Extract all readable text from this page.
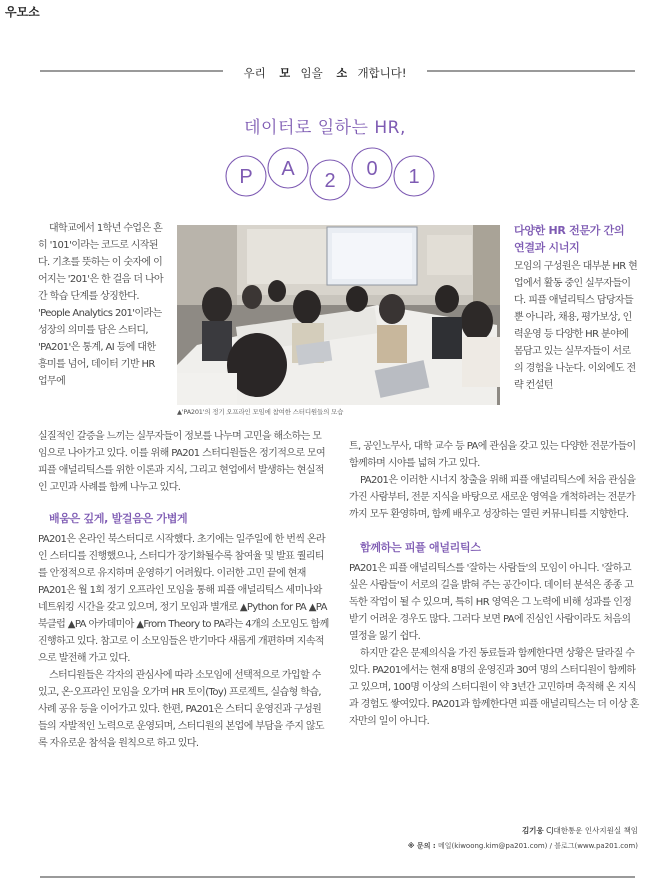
우모소
우리 모 임을 소 개합니다!
데이터로 일하는 HR,
P A
2
0 1
▲'PA201'의 정기 오프라인 모임에 참여한 스터디원들의 모습

대학교에서 1학년 수업은 흔히 '101'이라는 코드로 시작된다. 기초를 뜻하는 이 숫자에 이어지는 '201'은 한 걸음 더 나아간 학습 단계를 상징한다. 'People Analytics 201'이라는 성장의 의미를 담은 스터디, 'PA201'은 통계, AI 등에 대한 흥미를 넘어, 데이터 기반 HR 업무에

실질적인 갈증을 느끼는 실무자들이 정보를 나누며 고민을 해소하는 모임으로 나아가고 있다. 이를 위해 PA201 스터디원들은 정기적으로 모여 피플 애널리틱스를 위한 이론과 지식, 그리고 현업에서 발생하는 현실적인 고민과 사례를 함께 나누고 있다.

배움은 깊게, 발걸음은 가볍게

PA201은 온라인 북스터디로 시작했다. 초기에는 일주일에 한 번씩 온라인 스터디를 진행했으나, 스터디가 장기화될수록 참여율 및 발표 퀄리티를 안정적으로 유지하며 운영하기 어려웠다. 이러한 고민 끝에 현재 PA201은 월 1회 정기 오프라인 모임을 통해 피플 애널리틱스 세미나와 네트워킹 시간을 갖고 있으며, 정기 모임과 별개로 ▲Python for PA ▲PA 북클럽 ▲PA 아카데미아 ▲From Theory to PA라는 4개의 소모임도 함께 진행하고 있다. 참고로 이 소모임들은 반기마다 새롭게 개편하며 지속적으로 발전해 가고 있다.

스터디원들은 각자의 관심사에 따라 소모임에 선택적으로 가입할 수 있고, 온·오프라인 모임을 오가며 HR 토이(Toy) 프로젝트, 실습형 학습, 사례 공유 등을 이어가고 있다. 한편, PA201은 스터디 운영진과 구성원들의 자발적인 노력으로 운영되며, 스터디원의 본업에 부담을 주지 않도록 자유로운 참석을 원칙으로 하고 있다.

다양한 HR 전문가 간의 연결과 시너지

모임의 구성원은 대부분 HR 현업에서 활동 중인 실무자들이다. 피플 애널리틱스 담당자들뿐 아니라, 채용, 평가보상, 인력운영 등 다양한 HR 분야에 몸담고 있는 실무자들이 서로의 경험을 나눈다. 이외에도 전략 컨설턴

트, 공인노무사, 대학 교수 등 PA에 관심을 갖고 있는 다양한 전문가들이 함께하며 시야를 넓혀 가고 있다.

PA201은 이러한 시너지 창출을 위해 피플 애널리틱스에 처음 관심을 가진 사람부터, 전문 지식을 바탕으로 새로운 영역을 개척하려는 전문가까지 모두 환영하며, 함께 배우고 성장하는 열린 커뮤니티를 지향한다.

함께하는 피플 애널리틱스

PA201은 피플 애널리틱스를 '잘하는 사람들'의 모임이 아니다. '잘하고 싶은 사람들'이 서로의 길을 밝혀 주는 공간이다. 데이터 분석은 종종 고독한 작업이 될 수 있으며, 특히 HR 영역은 그 노력에 비해 성과를 인정받기 어려운 경우도 많다. 그러다 보면 PA에 진심인 사람이라도 처음의 열정을 잃기 쉽다.

하지만 같은 문제의식을 가진 동료들과 함께한다면 상황은 달라질 수 있다. PA201에서는 현재 8명의 운영진과 30여 명의 스터디원이 함께하고 있으며, 100명 이상의 스터디원이 약 3년간 고민하며 축적해 온 지식과 경험도 쌓여있다. PA201과 함께한다면 피플 애널리틱스는 더 이상 혼자만의 일이 아니다.

김기웅 CJ대한통운 인사지원실 책임
※ 문의 : 메일(kiwoong.kim@pa201.com) / 블로그(www.pa201.com)
